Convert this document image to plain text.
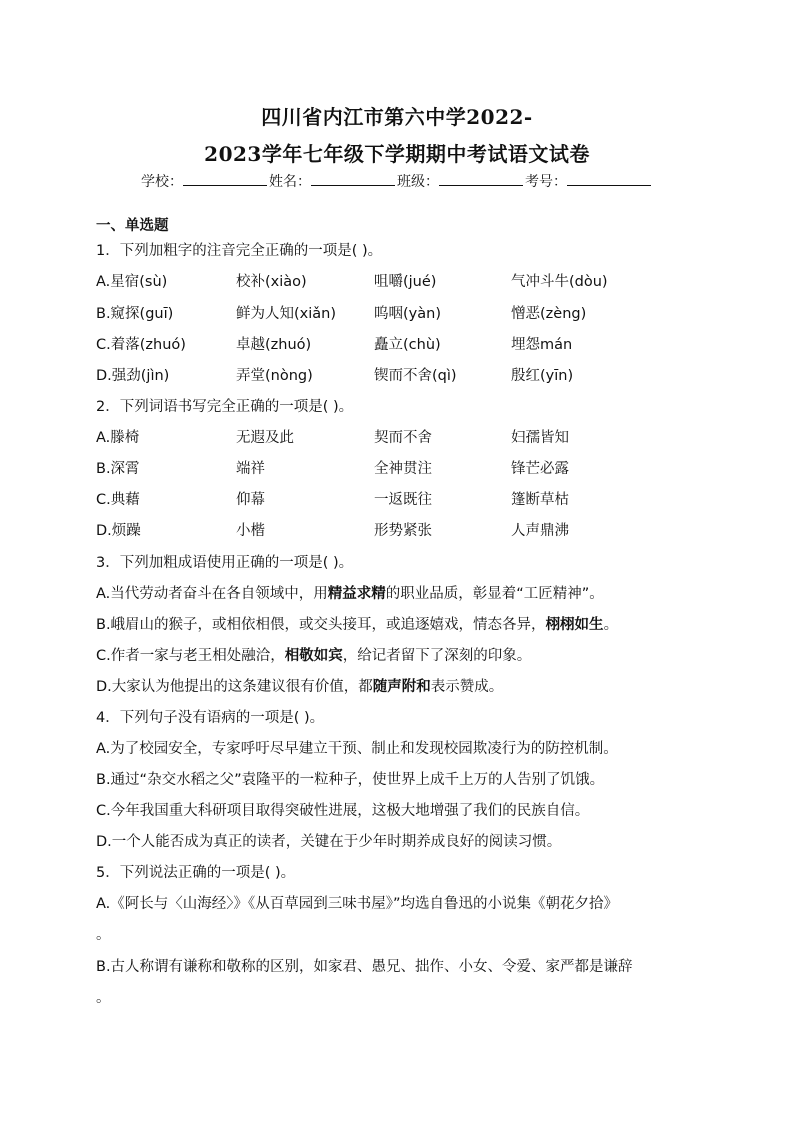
四川省内江市第六中学2022-
2023学年七年级下学期期中考试语文试卷
学校：	姓名：	班级：	考号：
一、单选题
1．下列加粗字的注音完全正确的一项是( )。
A.星宿(sù)	校补(xiào)	咀嚼(jué)	气冲斗牛(dòu)
B.窥探(guī)	鲜为人知(xiǎn)	呜咽(yàn)	憎恶(zèng)
C.着落(zhuó)	卓越(zhuó)	矗立(chù)	埋怨mán
D.强劲(jìn)	弄堂(nòng)	锲而不舍(qì)	殷红(yīn)
2．下列词语书写完全正确的一项是( )。
A.滕椅	无遐及此	契而不舍	妇孺皆知
B.深霄	端祥	全神贯注	锋芒必露
C.典藉	仰幕	一返既往	篷断草枯
D.烦躁	小楷	形势紧张	人声鼎沸
3．下列加粗成语使用正确的一项是( )。
A.当代劳动者奋斗在各自领域中，用精益求精的职业品质，彰显着“工匠精神”。
B.峨眉山的猴子，或相依相偎，或交头接耳，或追逐嬉戏，情态各异，栩栩如生。
C.作者一家与老王相处融洽，相敬如宾，给记者留下了深刻的印象。
D.大家认为他提出的这条建议很有价值，都随声附和表示赞成。
4．下列句子没有语病的一项是( )。
A.为了校园安全，专家呼吁尽早建立干预、制止和发现校园欺凌行为的防控机制。
B.通过“杂交水稻之父”袁隆平的一粒种子，使世界上成千上万的人告别了饥饿。
C.今年我国重大科研项目取得突破性进展，这极大地增强了我们的民族自信。
D.一个人能否成为真正的读者，关键在于少年时期养成良好的阅读习惯。
5．下列说法正确的一项是( )。
A.《阿长与〈山海经〉》《从百草园到三味书屋》”均选自鲁迅的小说集《朝花夕拾》
。
B.古人称谓有谦称和敬称的区别，如家君、愚兄、拙作、小女、令爱、家严都是谦辞
。
